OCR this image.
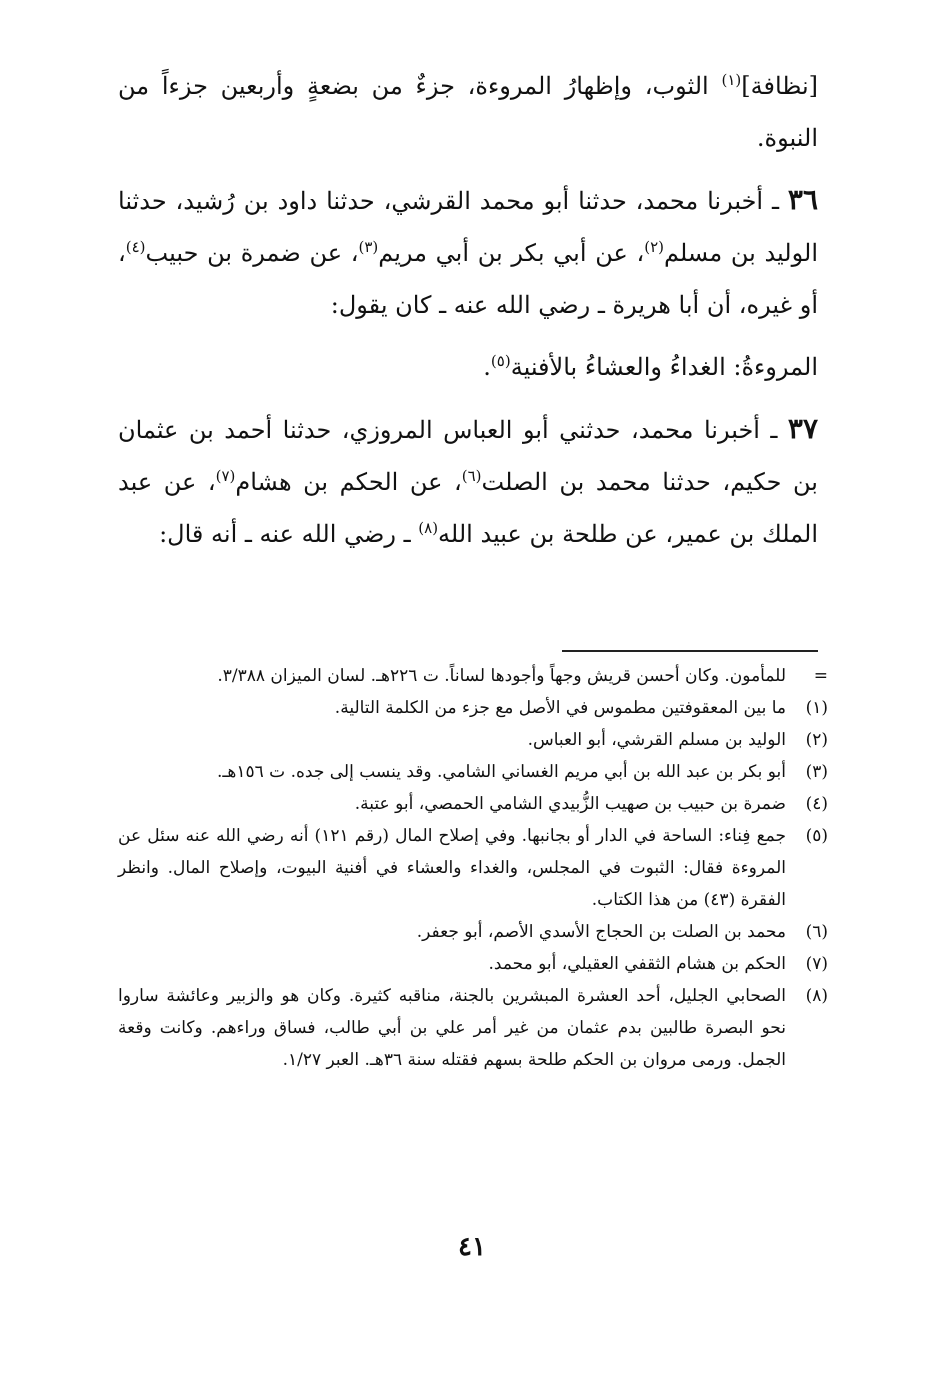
[نظافة]$^{(١)}$ الثوب، وإظهارُ المروءة، جزءٌ من بضعةٍ وأربعين جزءاً من النبوة.

٣٦ ـ أخبرنا محمد، حدثنا أبو محمد القرشي، حدثنا داود بن رُشيد، حدثنا الوليد بن مسلم$^{(٢)}$، عن أبي بكر بن أبي مريم$^{(٣)}$، عن ضمرة بن حبيب$^{(٤)}$، أو غيره، أن أبا هريرة ـ رضي الله عنه ـ كان يقول:

المروءةُ: الغداءُ والعشاءُ بالأفنية$^{(٥)}$.

٣٧ ـ أخبرنا محمد، حدثني أبو العباس المروزي، حدثنا أحمد بن عثمان بن حكيم، حدثنا محمد بن الصلت$^{(٦)}$، عن الحكم بن هشام$^{(٧)}$، عن عبد الملك بن عمير، عن طلحة بن عبيد الله$^{(٨)}$ ـ رضي الله عنه ـ أنه قال:

=
للمأمون. وكان أحسن قريش وجهاً وأجودها لساناً. ت ٢٢٦هـ. لسان الميزان ٣/٣٨٨.
(١)
ما بين المعقوفتين مطموس في الأصل مع جزء من الكلمة التالية.
(٢)
الوليد بن مسلم القرشي، أبو العباس.
(٣)
أبو بكر بن عبد الله بن أبي مريم الغساني الشامي. وقد ينسب إلى جده. ت ١٥٦هـ.
(٤)
ضمرة بن حبيب بن صهيب الزُّبيدي الشامي الحمصي، أبو عتبة.
(٥)
جمع فِناء: الساحة في الدار أو بجانبها. وفي إصلاح المال (رقم ١٢١) أنه رضي الله عنه سئل عن المروءة فقال: الثبوت في المجلس، والغداء والعشاء في أفنية البيوت، وإصلاح المال. وانظر الفقرة (٤٣) من هذا الكتاب.
(٦)
محمد بن الصلت بن الحجاج الأسدي الأصم، أبو جعفر.
(٧)
الحكم بن هشام الثقفي العقيلي، أبو محمد.
(٨)
الصحابي الجليل، أحد العشرة المبشرين بالجنة، مناقبه كثيرة. وكان هو والزبير وعائشة ساروا نحو البصرة طالبين بدم عثمان من غير أمر علي بن أبي طالب، فساق وراءهم. وكانت وقعة الجمل. ورمى مروان بن الحكم طلحة بسهم فقتله سنة ٣٦هـ. العبر ١/٢٧.
٤١
